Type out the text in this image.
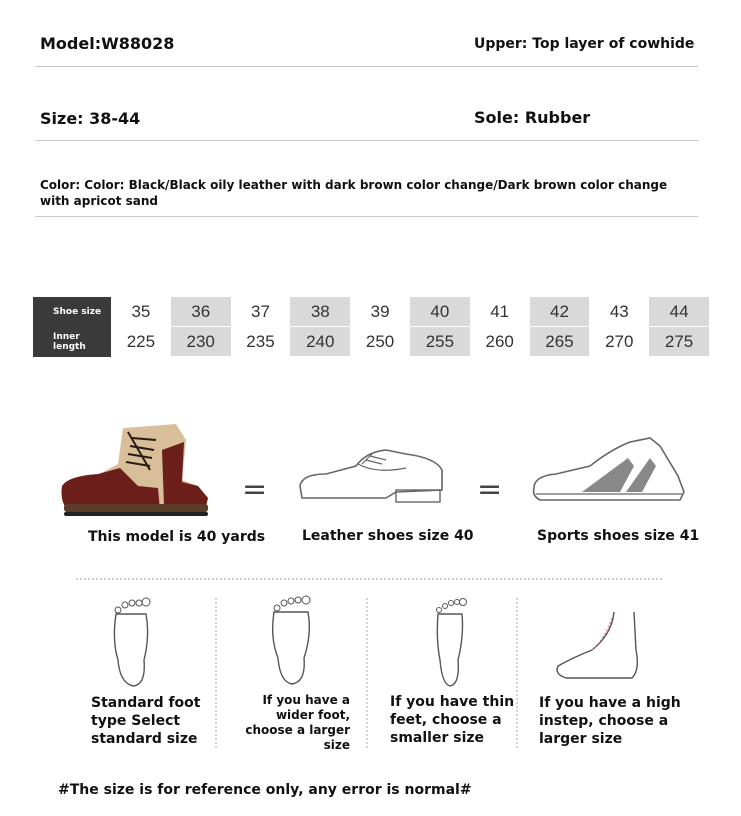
Model:W88028	Upper: Top layer of cowhide
Size: 38-44	Sole: Rubber
Color: Color: Black/Black oily leather with dark brown color change/Dark brown color change
with apricot sand
Shoe size	35	36	37	38	39	40	41	42	43	44
Inner
length	225	230	235	240	250	255	260	265	270	275
=	=
This model is 40 yards	Leather shoes size 40	Sports shoes size 41
Standard foot
type Select
standard size
If you have a
wider foot,
choose a larger
size
If you have thin
feet, choose a
smaller size
If you have a high
instep, choose a
larger size
#The size is for reference only, any error is normal#
